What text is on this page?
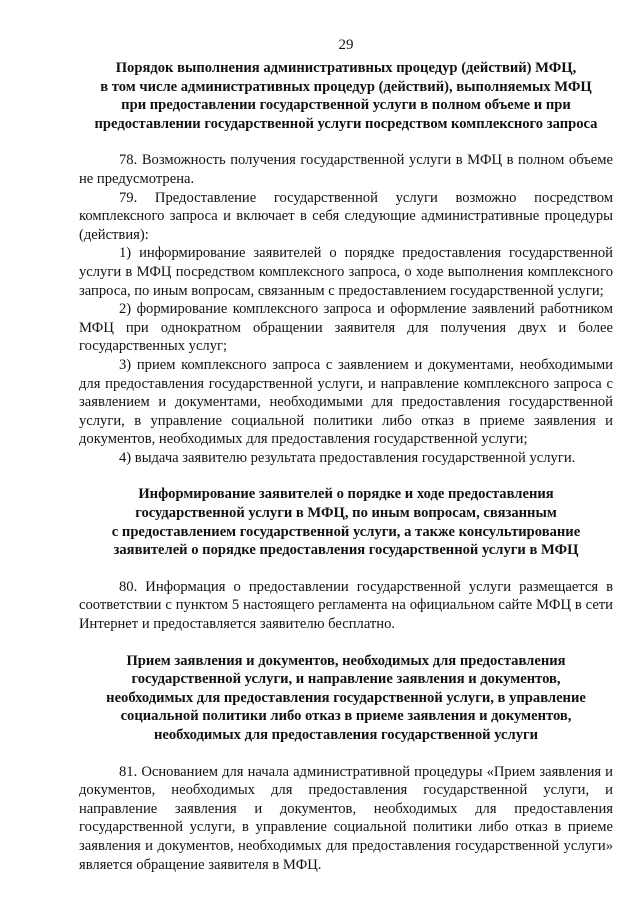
29
Порядок выполнения административных процедур (действий) МФЦ,
в том числе административных процедур (действий), выполняемых МФЦ
при предоставлении государственной услуги в полном объеме и при
предоставлении государственной услуги посредством комплексного запроса

78. Возможность получения государственной услуги в МФЦ в полном объеме не предусмотрена.

79. Предоставление государственной услуги возможно посредством комплексного запроса и включает в себя следующие административные процедуры (действия):

1) информирование заявителей о порядке предоставления государственной услуги в МФЦ посредством комплексного запроса, о ходе выполнения комплексного запроса, по иным вопросам, связанным с предоставлением государственной услуги;

2) формирование комплексного запроса и оформление заявлений работником МФЦ при однократном обращении заявителя для получения двух и более государственных услуг;

3) прием комплексного запроса с заявлением и документами, необходимыми для предоставления государственной услуги, и направление комплексного запроса с заявлением и документами, необходимыми для предоставления государственной услуги, в управление социальной политики либо отказ в приеме заявления и документов, необходимых для предоставления государственной услуги;

4) выдача заявителю результата предоставления государственной услуги.

Информирование заявителей о порядке и ходе предоставления
государственной услуги в МФЦ, по иным вопросам, связанным
с предоставлением государственной услуги, а также консультирование
заявителей о порядке предоставления государственной услуги в МФЦ

80. Информация о предоставлении государственной услуги размещается в соответствии с пунктом 5 настоящего регламента на официальном сайте МФЦ в сети Интернет и предоставляется заявителю бесплатно.

Прием заявления и документов, необходимых для предоставления
государственной услуги, и направление заявления и документов,
необходимых для предоставления государственной услуги, в управление
социальной политики либо отказ в приеме заявления и документов,
необходимых для предоставления государственной услуги

81. Основанием для начала административной процедуры «Прием заявления и документов, необходимых для предоставления государственной услуги, и направление заявления и документов, необходимых для предоставления государственной услуги, в управление социальной политики либо отказ в приеме заявления и документов, необходимых для предоставления государственной услуги» является обращение заявителя в МФЦ.
